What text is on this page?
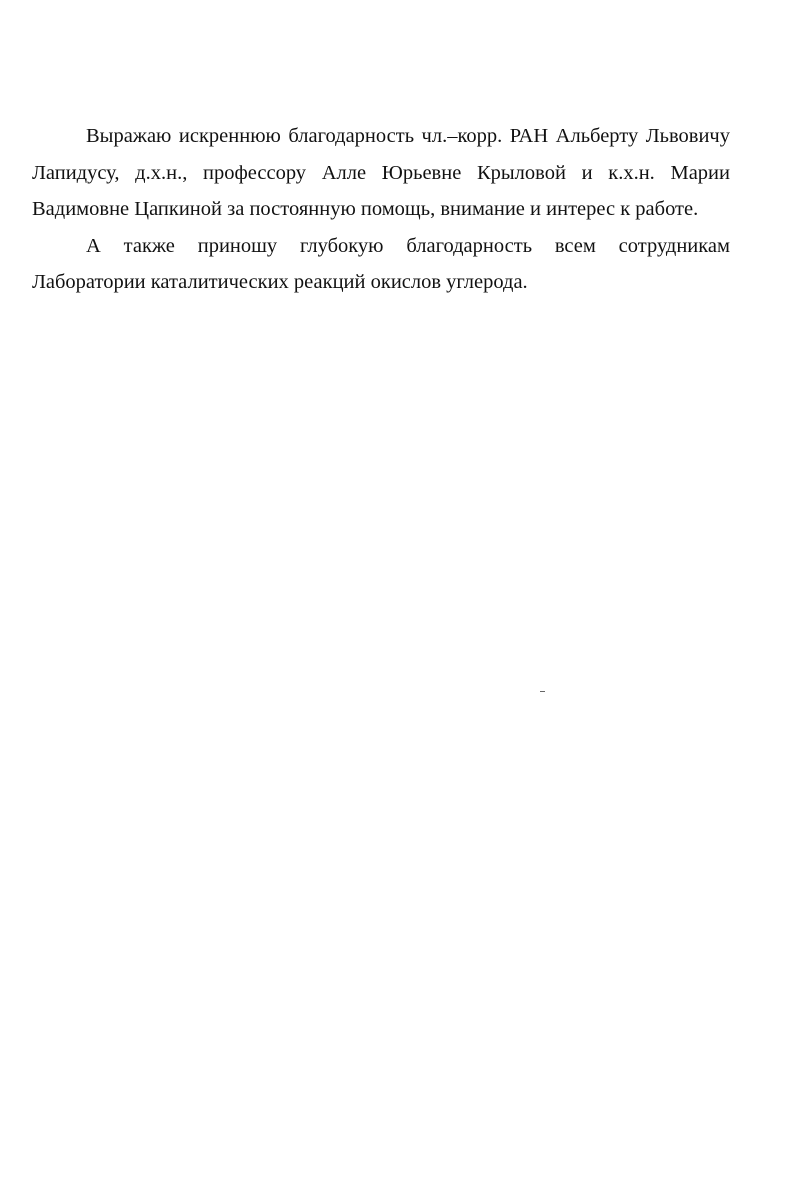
Выражаю искреннюю благодарность чл.–корр. РАН Альберту Львовичу Лапидусу, д.х.н., профессору Алле Юрьевне Крыловой и к.х.н. Марии Вадимовне Цапкиной за постоянную помощь, внимание и интерес к работе.

А также приношу глубокую благодарность всем сотрудникам Лаборатории каталитических реакций окислов углерода.
